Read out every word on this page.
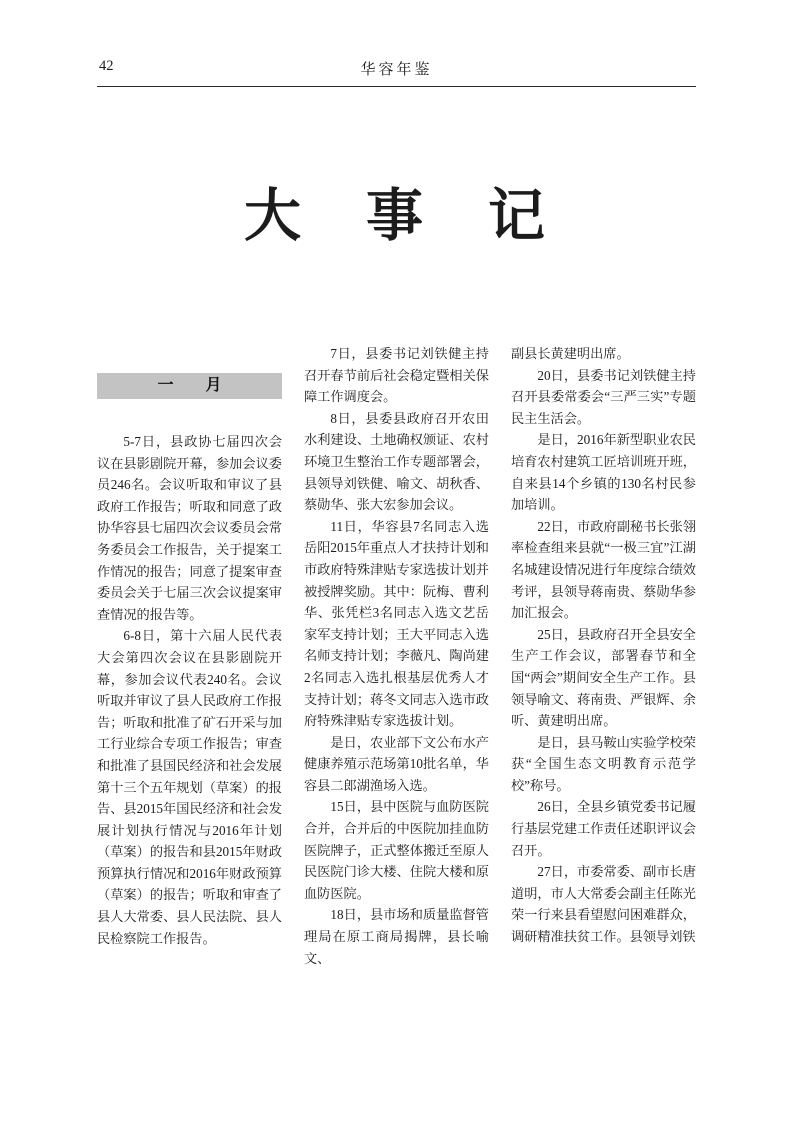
42	华容年鉴
大　事　记
一　　月

5-7日，县政协七届四次会议在县影剧院开幕，参加会议委员246名。会议听取和审议了县政府工作报告；听取和同意了政协华容县七届四次会议委员会常务委员会工作报告，关于提案工作情况的报告；同意了提案审查委员会关于七届三次会议提案审查情况的报告等。

6-8日，第十六届人民代表大会第四次会议在县影剧院开幕，参加会议代表240名。会议听取并审议了县人民政府工作报告；听取和批准了矿石开采与加工行业综合专项工作报告；审查和批准了县国民经济和社会发展第十三个五年规划（草案）的报告、县2015年国民经济和社会发展计划执行情况与2016年计划（草案）的报告和县2015年财政预算执行情况和2016年财政预算（草案）的报告；听取和审查了县人大常委、县人民法院、县人民检察院工作报告。

7日，县委书记刘铁健主持召开春节前后社会稳定暨相关保障工作调度会。

8日，县委县政府召开农田水利建设、土地确权颁证、农村环境卫生整治工作专题部署会，县领导刘铁健、喻文、胡秋香、蔡勋华、张大宏参加会议。

11日，华容县7名同志入选岳阳2015年重点人才扶持计划和市政府特殊津贴专家选拔计划并被授牌奖励。其中：阮梅、曹利华、张凭栏3名同志入选文艺岳家军支持计划；王大平同志入选名师支持计划；李薇凡、陶尚建2名同志入选扎根基层优秀人才支持计划；蒋冬文同志入选市政府特殊津贴专家选拔计划。

是日，农业部下文公布水产健康养殖示范场第10批名单，华容县二郎湖渔场入选。

15日，县中医院与血防医院合并，合并后的中医院加挂血防医院牌子，正式整体搬迁至原人民医院门诊大楼、住院大楼和原血防医院。

18日，县市场和质量监督管理局在原工商局揭牌，县长喻文、

副县长黄建明出席。

20日，县委书记刘铁健主持召开县委常委会“三严三实”专题民主生活会。

是日，2016年新型职业农民培育农村建筑工匠培训班开班，自来县14个乡镇的130名村民参加培训。

22日，市政府副秘书长张翎率检查组来县就“一极三宜”江湖名城建设情况进行年度综合绩效考评，县领导蒋南贵、蔡勋华参加汇报会。

25日，县政府召开全县安全生产工作会议，部署春节和全国“两会”期间安全生产工作。县领导喻文、蒋南贵、严银辉、余听、黄建明出席。

是日，县马鞍山实验学校荣获“全国生态文明教育示范学校”称号。

26日，全县乡镇党委书记履行基层党建工作责任述职评议会召开。

27日，市委常委、副市长唐道明，市人大常委会副主任陈光荣一行来县看望慰问困难群众，调研精准扶贫工作。县领导刘铁
